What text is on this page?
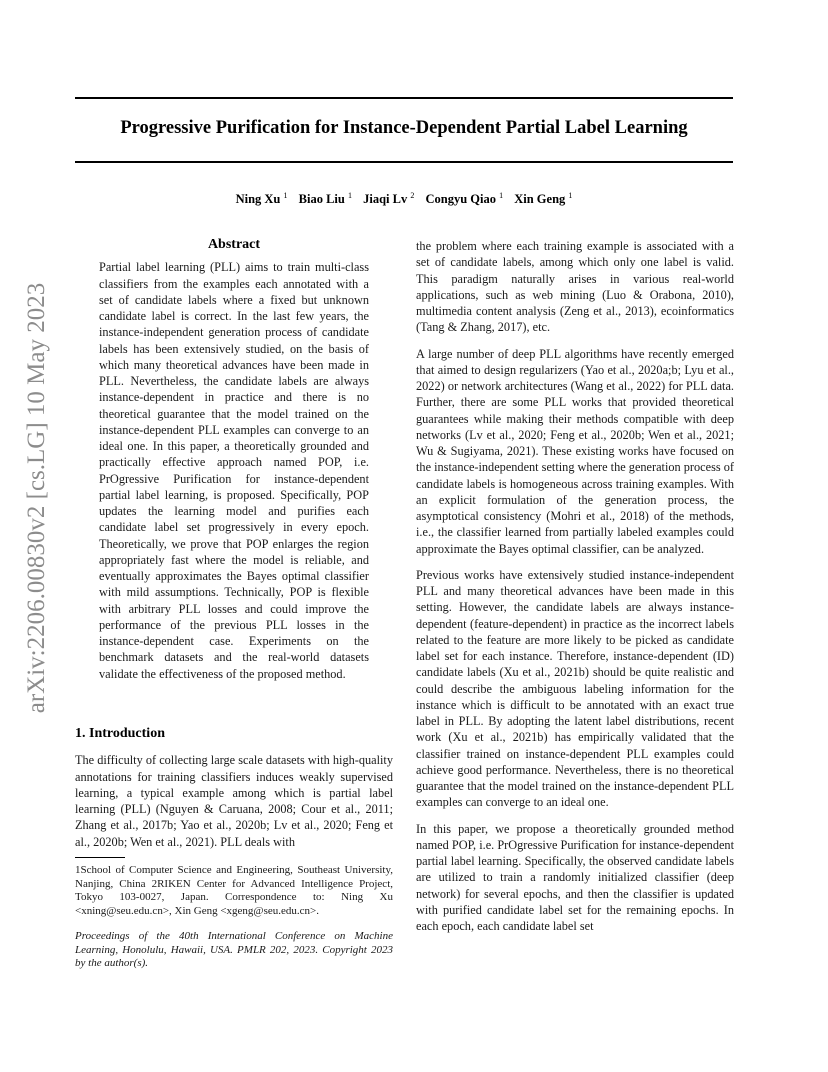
Progressive Purification for Instance-Dependent Partial Label Learning
Ning Xu $^1$ Biao Liu $^1$ Jiaqi Lv $^2$ Congyu Qiao $^1$ Xin Geng $^1$
arXiv:2206.00830v2 [cs.LG] 10 May 2023
Abstract

Partial label learning (PLL) aims to train multi-class classifiers from the examples each annotated with a set of candidate labels where a fixed but unknown candidate label is correct. In the last few years, the instance-independent generation process of candidate labels has been extensively studied, on the basis of which many theoretical advances have been made in PLL. Nevertheless, the candidate labels are always instance-dependent in practice and there is no theoretical guarantee that the model trained on the instance-dependent PLL examples can converge to an ideal one. In this paper, a theoretically grounded and practically effective approach named POP, i.e. PrOgressive Purification for instance-dependent partial label learning, is proposed. Specifically, POP updates the learning model and purifies each candidate label set progressively in every epoch. Theoretically, we prove that POP enlarges the region appropriately fast where the model is reliable, and eventually approximates the Bayes optimal classifier with mild assumptions. Technically, POP is flexible with arbitrary PLL losses and could improve the performance of the previous PLL losses in the instance-dependent case. Experiments on the benchmark datasets and the real-world datasets validate the effectiveness of the proposed method.

1. Introduction

The difficulty of collecting large scale datasets with high-quality annotations for training classifiers induces weakly supervised learning, a typical example among which is partial label learning (PLL) (Nguyen & Caruana, 2008; Cour et al., 2011; Zhang et al., 2017b; Yao et al., 2020b; Lv et al., 2020; Feng et al., 2020b; Wen et al., 2021). PLL deals with

1School of Computer Science and Engineering, Southeast University, Nanjing, China 2RIKEN Center for Advanced Intelligence Project, Tokyo 103-0027, Japan. Correspondence to: Ning Xu <xning@seu.edu.cn>, Xin Geng <xgeng@seu.edu.cn>.

Proceedings of the 40th International Conference on Machine Learning, Honolulu, Hawaii, USA. PMLR 202, 2023. Copyright 2023 by the author(s).

the problem where each training example is associated with a set of candidate labels, among which only one label is valid. This paradigm naturally arises in various real-world applications, such as web mining (Luo & Orabona, 2010), multimedia content analysis (Zeng et al., 2013), ecoinformatics (Tang & Zhang, 2017), etc.

A large number of deep PLL algorithms have recently emerged that aimed to design regularizers (Yao et al., 2020a;b; Lyu et al., 2022) or network architectures (Wang et al., 2022) for PLL data. Further, there are some PLL works that provided theoretical guarantees while making their methods compatible with deep networks (Lv et al., 2020; Feng et al., 2020b; Wen et al., 2021; Wu & Sugiyama, 2021). These existing works have focused on the instance-independent setting where the generation process of candidate labels is homogeneous across training examples. With an explicit formulation of the generation process, the asymptotical consistency (Mohri et al., 2018) of the methods, i.e., the classifier learned from partially labeled examples could approximate the Bayes optimal classifier, can be analyzed.

Previous works have extensively studied instance-independent PLL and many theoretical advances have been made in this setting. However, the candidate labels are always instance-dependent (feature-dependent) in practice as the incorrect labels related to the feature are more likely to be picked as candidate label set for each instance. Therefore, instance-dependent (ID) candidate labels (Xu et al., 2021b) should be quite realistic and could describe the ambiguous labeling information for the instance which is difficult to be annotated with an exact true label in PLL. By adopting the latent label distributions, recent work (Xu et al., 2021b) has empirically validated that the classifier trained on instance-dependent PLL examples could achieve good performance. Nevertheless, there is no theoretical guarantee that the model trained on the instance-dependent PLL examples can converge to an ideal one.

In this paper, we propose a theoretically grounded method named POP, i.e. PrOgressive Purification for instance-dependent partial label learning. Specifically, the observed candidate labels are utilized to train a randomly initialized classifier (deep network) for several epochs, and then the classifier is updated with purified candidate label set for the remaining epochs. In each epoch, each candidate label set
